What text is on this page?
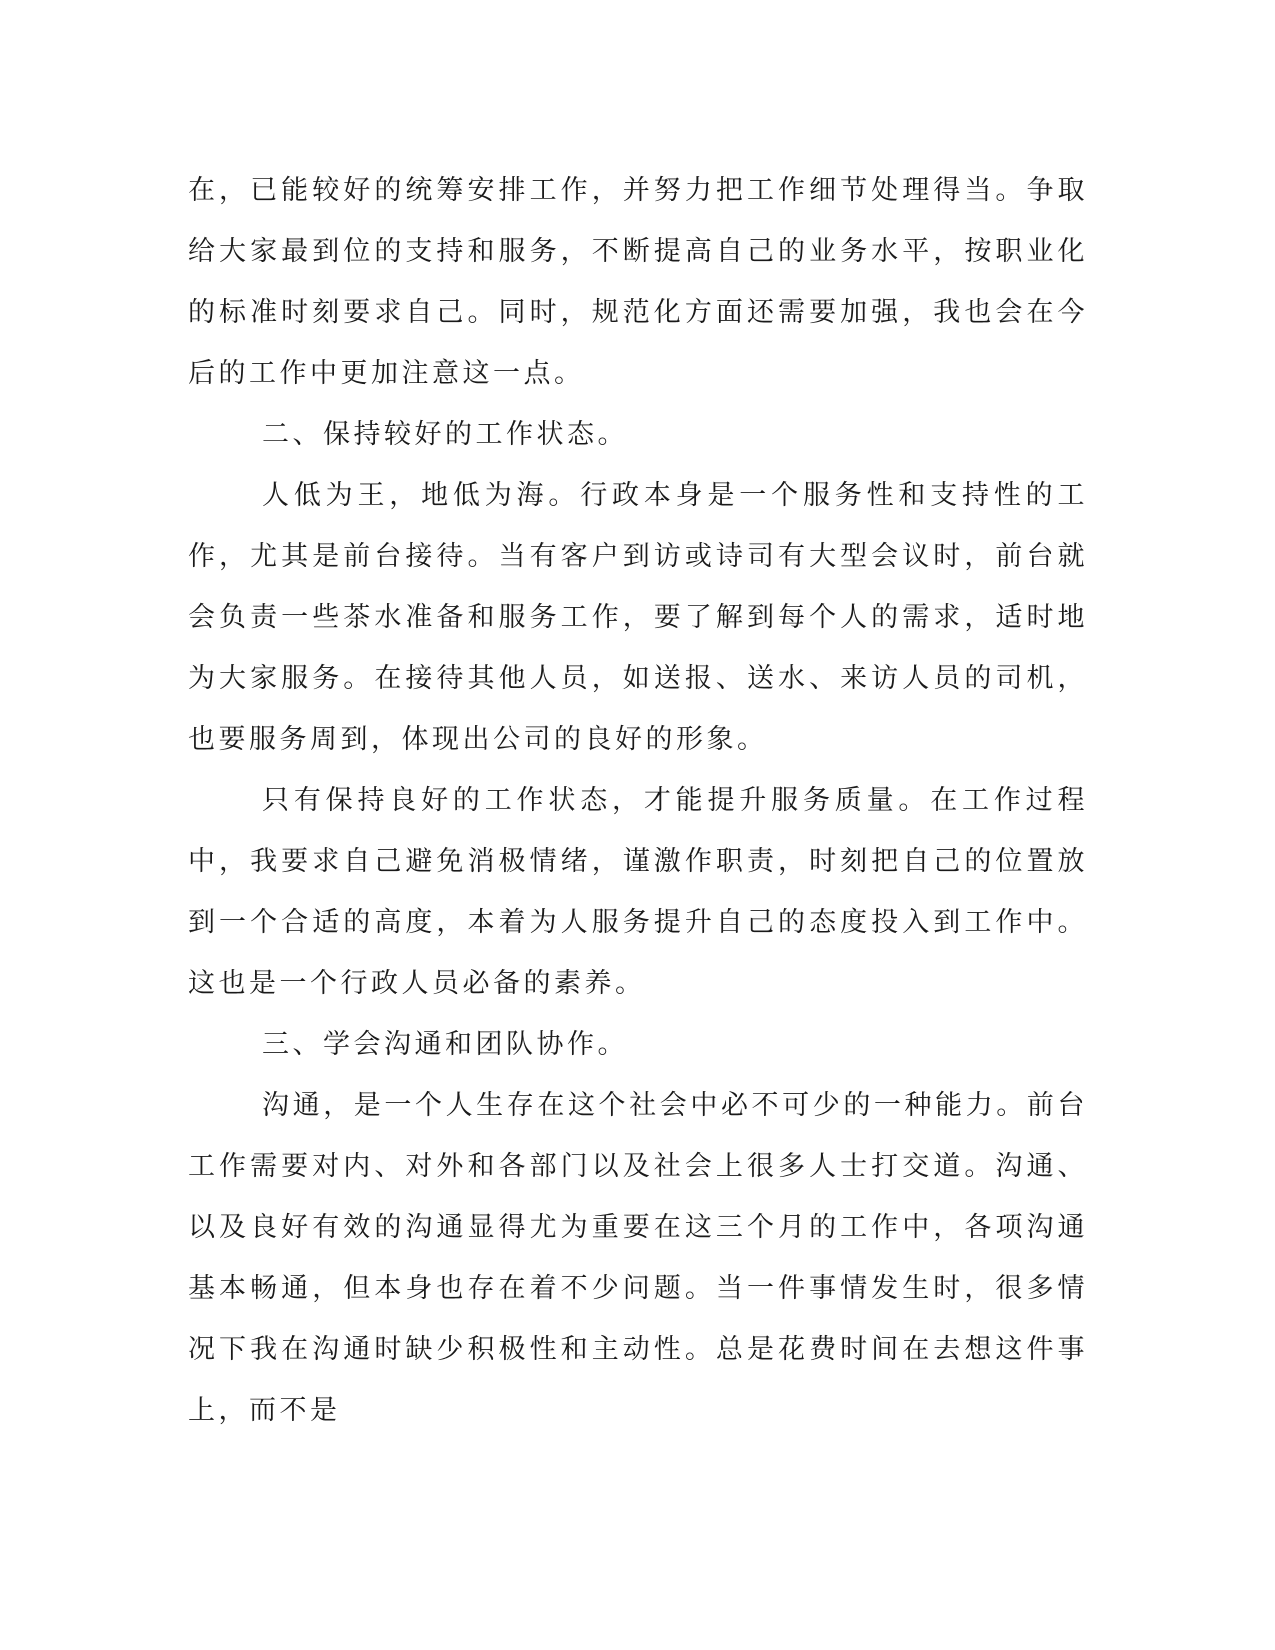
在，已能较好的统筹安排工作，并努力把工作细节处理得当。争取给大家最到位的支持和服务，不断提高自己的业务水平，按职业化的标准时刻要求自己。同时，规范化方面还需要加强，我也会在今后的工作中更加注意这一点。

二、保持较好的工作状态。

人低为王，地低为海。行政本身是一个服务性和支持性的工作，尤其是前台接待。当有客户到访或诗司有大型会议时，前台就会负责一些茶水准备和服务工作，要了解到每个人的需求，适时地为大家服务。在接待其他人员，如送报、送水、来访人员的司机，也要服务周到，体现出公司的良好的形象。

只有保持良好的工作状态，才能提升服务质量。在工作过程中，我要求自己避免消极情绪，谨激作职责，时刻把自己的位置放到一个合适的高度，本着为人服务提升自己的态度投入到工作中。这也是一个行政人员必备的素养。

三、学会沟通和团队协作。

沟通，是一个人生存在这个社会中必不可少的一种能力。前台工作需要对内、对外和各部门以及社会上很多人士打交道。沟通、以及良好有效的沟通显得尤为重要在这三个月的工作中，各项沟通基本畅通，但本身也存在着不少问题。当一件事情发生时，很多情况下我在沟通时缺少积极性和主动性。总是花费时间在去想这件事上，而不是
